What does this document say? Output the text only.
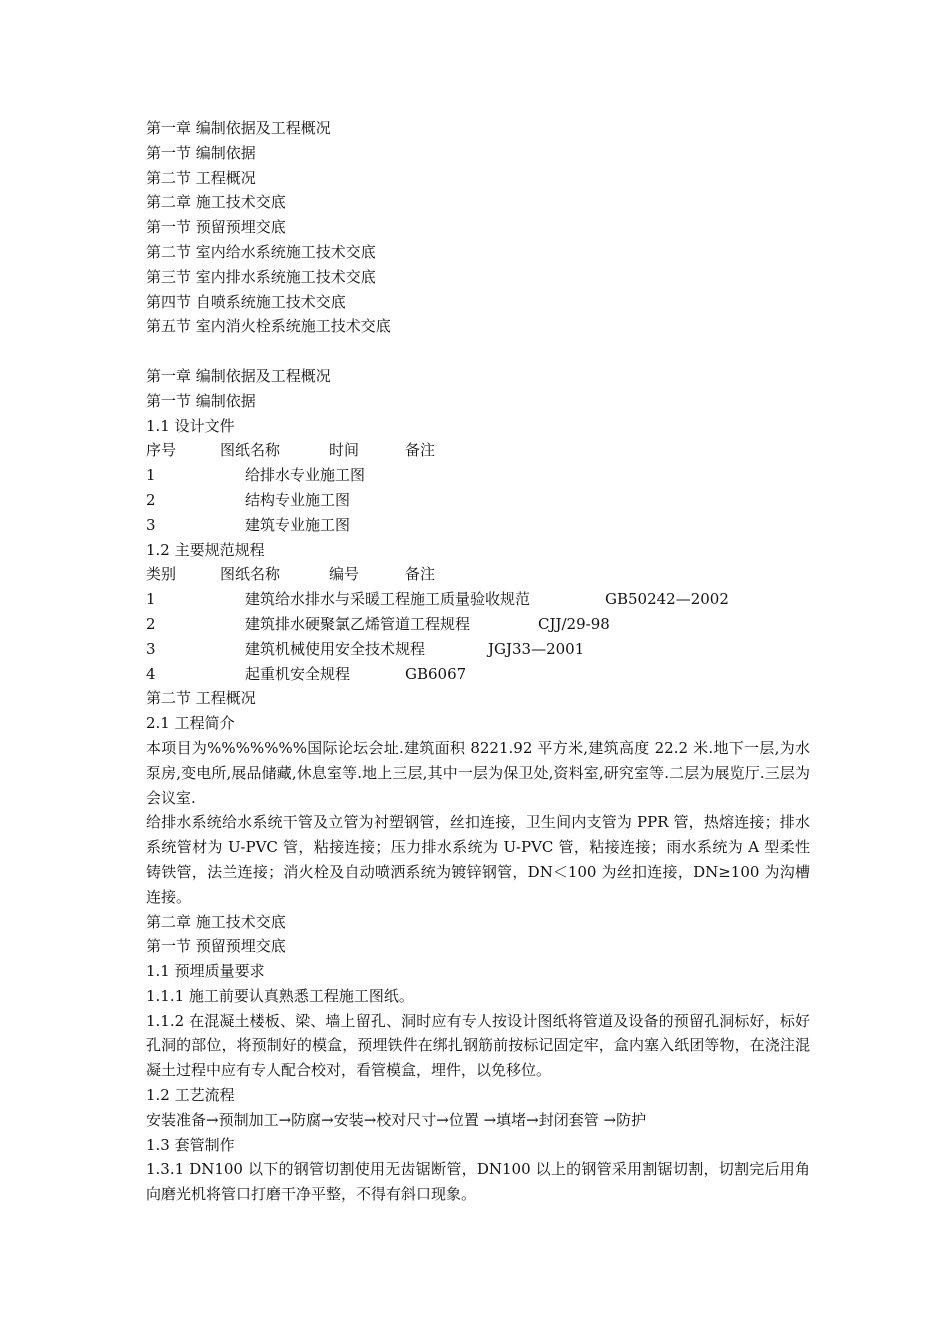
第一章 编制依据及工程概况
第一节 编制依据
第二节 工程概况
第二章 施工技术交底
第一节 预留预埋交底
第二节 室内给水系统施工技术交底
第三节 室内排水系统施工技术交底
第四节 自喷系统施工技术交底
第五节 室内消火栓系统施工技术交底
第一章 编制依据及工程概况
第一节 编制依据
1.1 设计文件
序号	图纸名称	时间	备注
1	给排水专业施工图
2	结构专业施工图
3	建筑专业施工图
1.2 主要规范规程
类别	图纸名称	编号	备注
1	建筑给水排水与采暖工程施工质量验收规范	GB50242—2002
2	建筑排水硬聚氯乙烯管道工程规程	CJJ/29-98
3	建筑机械使用安全技术规程	JGJ33—2001
4	起重机安全规程	GB6067
第二节 工程概况
2.1 工程简介
本项目为%%%%%%%国际论坛会址.建筑面积 8221.92 平方米,建筑高度 22.2 米.地下一层,为水泵房,变电所,展品储藏,休息室等.地上三层,其中一层为保卫处,资料室,研究室等.二层为展览厅.三层为会议室.
给排水系统给水系统干管及立管为衬塑钢管，丝扣连接，卫生间内支管为 PPR 管，热熔连接；排水系统管材为 U-PVC 管，粘接连接；压力排水系统为 U-PVC 管，粘接连接；雨水系统为 A 型柔性铸铁管，法兰连接；消火栓及自动喷洒系统为镀锌钢管，DN＜100 为丝扣连接，DN≥100 为沟槽连接。
第二章 施工技术交底
第一节 预留预埋交底
1.1 预埋质量要求
1.1.1 施工前要认真熟悉工程施工图纸。
1.1.2 在混凝土楼板、梁、墙上留孔、洞时应有专人按设计图纸将管道及设备的预留孔洞标好，标好孔洞的部位，将预制好的模盒，预埋铁件在绑扎钢筋前按标记固定牢，盒内塞入纸团等物，在浇注混凝土过程中应有专人配合校对，看管模盒，埋件，以免移位。
1.2 工艺流程
安装准备→预制加工→防腐→安装→校对尺寸→位置 →填堵→封闭套管 →防护
1.3 套管制作
1.3.1 DN100 以下的钢管切割使用无齿锯断管，DN100 以上的钢管采用割锯切割，切割完后用角向磨光机将管口打磨干净平整，不得有斜口现象。
